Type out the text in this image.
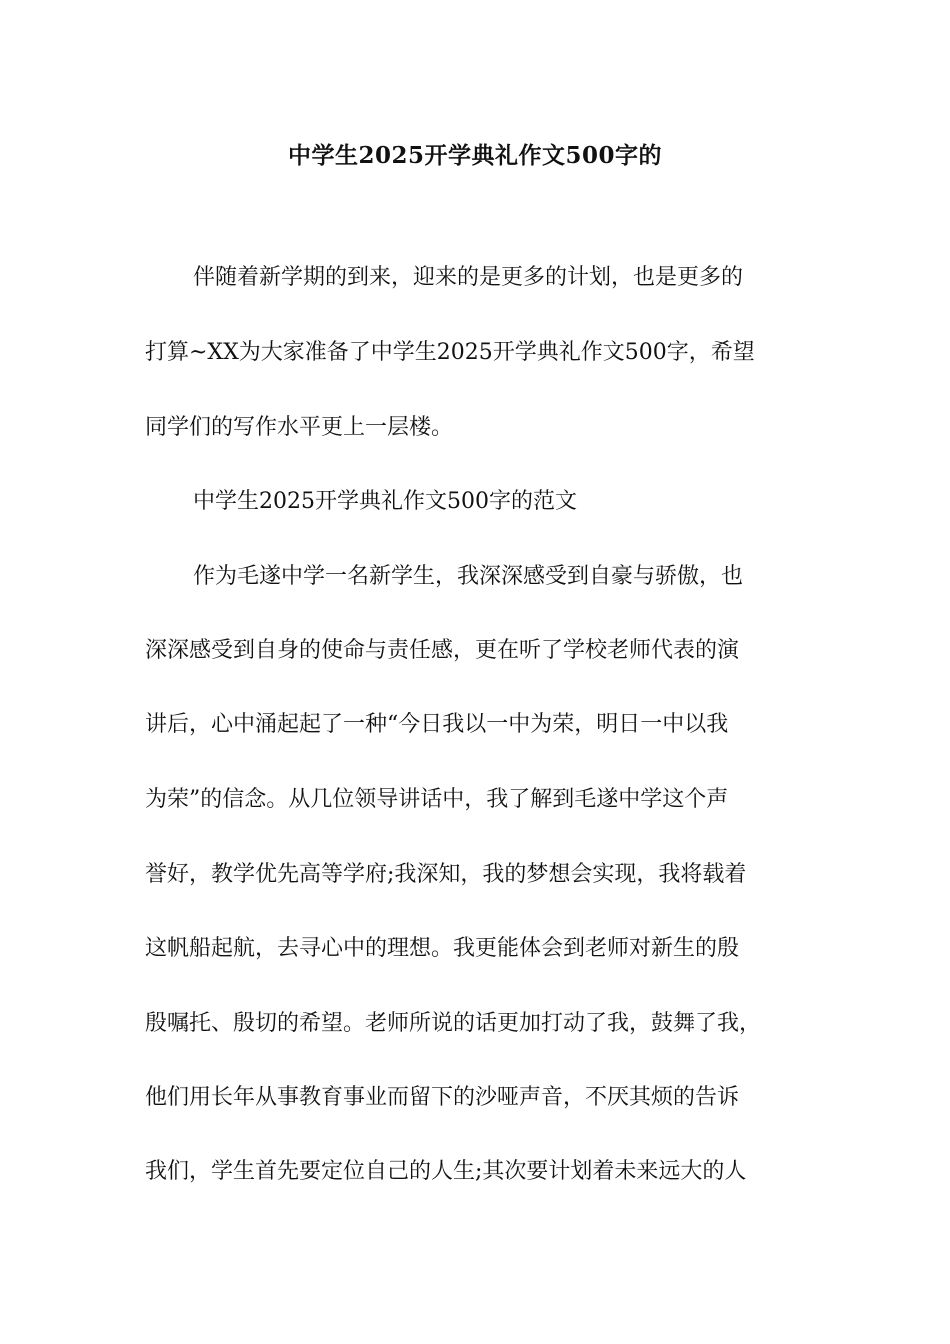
中学生2025开学典礼作文500字的
伴随着新学期的到来，迎来的是更多的计划，也是更多的
打算~XX为大家准备了中学生2025开学典礼作文500字，希望
同学们的写作水平更上一层楼。
中学生2025开学典礼作文500字的范文
作为毛遂中学一名新学生，我深深感受到自豪与骄傲，也
深深感受到自身的使命与责任感，更在听了学校老师代表的演
讲后，心中涌起起了一种“今日我以一中为荣，明日一中以我
为荣”的信念。从几位领导讲话中，我了解到毛遂中学这个声
誉好，教学优先高等学府;我深知，我的梦想会实现，我将载着
这帆船起航，去寻心中的理想。我更能体会到老师对新生的殷
殷嘱托、殷切的希望。老师所说的话更加打动了我，鼓舞了我，
他们用长年从事教育事业而留下的沙哑声音，不厌其烦的告诉
我们，学生首先要定位自己的人生;其次要计划着未来远大的人
